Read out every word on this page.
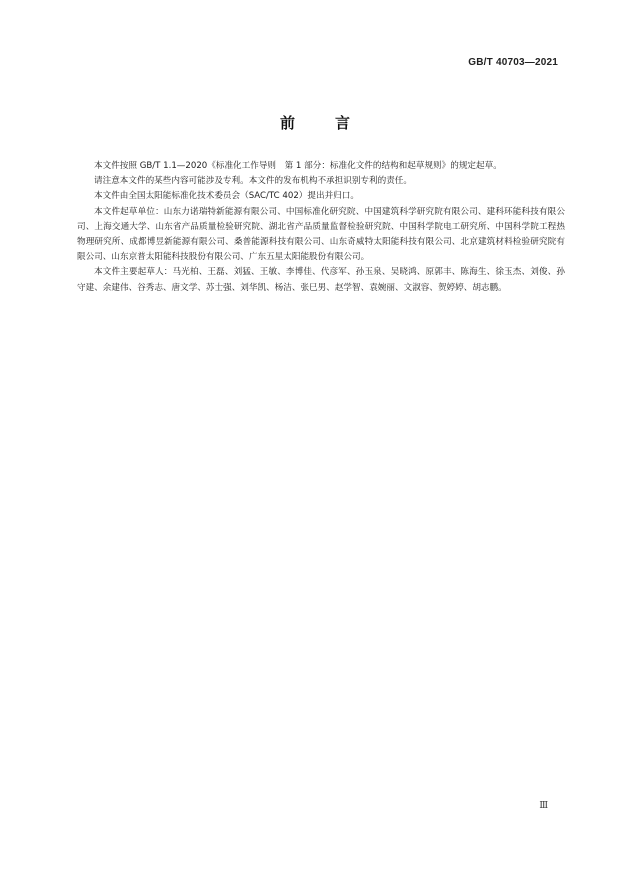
GB/T 40703—2021
前	言

本文件按照 GB/T 1.1—2020《标准化工作导则　第 1 部分：标准化文件的结构和起草规则》的规定起草。

请注意本文件的某些内容可能涉及专利。本文件的发布机构不承担识别专利的责任。

本文件由全国太阳能标准化技术委员会（SAC/TC 402）提出并归口。

本文件起草单位：山东力诺瑞特新能源有限公司、中国标准化研究院、中国建筑科学研究院有限公司、建科环能科技有限公司、上海交通大学、山东省产品质量检验研究院、湖北省产品质量监督检验研究院、中国科学院电工研究所、中国科学院工程热物理研究所、成都博昱新能源有限公司、桑普能源科技有限公司、山东奇威特太阳能科技有限公司、北京建筑材料检验研究院有限公司、山东京普太阳能科技股份有限公司、广东五星太阳能股份有限公司。

本文件主要起草人：马光柏、王磊、刘猛、王敏、李博佳、代彦军、孙玉泉、吴晓鸿、原郭丰、陈海生、徐玉杰、刘俊、孙守建、余建伟、谷秀志、唐文学、苏士强、刘华凯、杨洁、张巳男、赵学智、袁婉丽、文淑容、贺婷婷、胡志鹏。

Ⅲ
